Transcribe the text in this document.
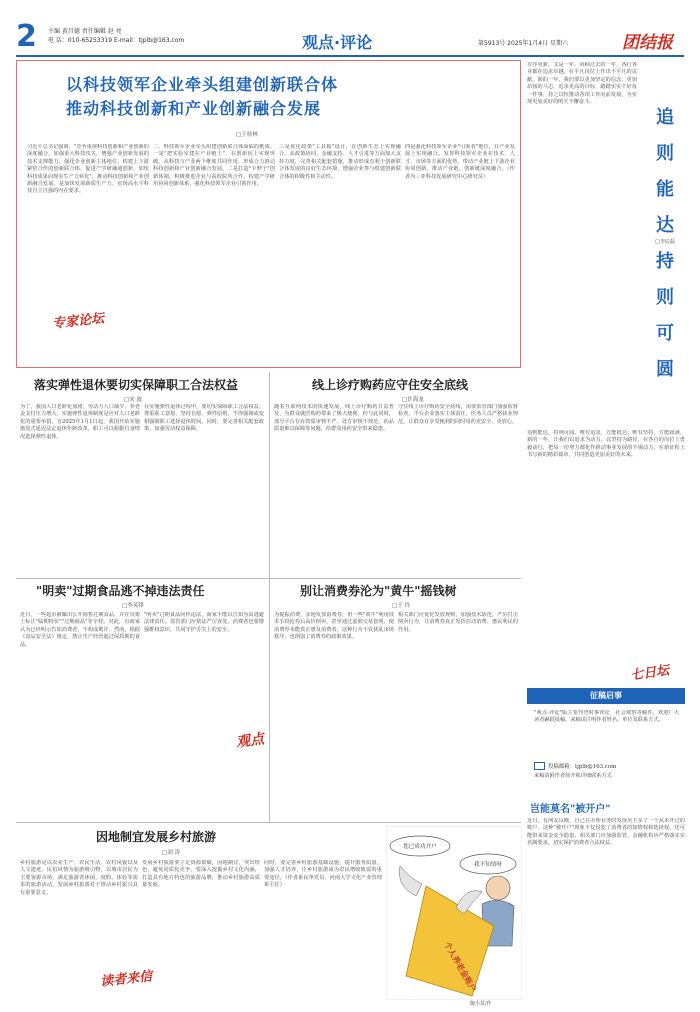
2 主编 黄昌德 责任编辑 赵 亮
电 话：010-65253319 E-mail：tjplb@163.com	观点·评论	第5913号 2025年1月4日 星期六	团结报
以科技领军企业牵头组建创新联合体
推动科技创新和产业创新融合发展
□王桂林
习近平总书记强调，"竞争重视科技创新和产业创新的深度融合，加强重大科技攻关，增强产业创新发展的技术支撑能力。强化企业创新主体地位，构建上下游紧密合作的创新联合体，促进产学研融通创新，加快科技成果向现实生产力转化"。推动科技创新和产业创新融合发展，是加快发展新质生产力，实现高水平科技自立自强的内在要求。
二、科技领军企业牵头组建创新联合体面临的挑战。一是"把实验室建在产业链上"，在创新向上实现突破，从科技与产业两个维度共同作用，形成合力推动科技创新和产业创新融合发展。二是打造"卡脖子"创新体制，积极推进企业与高校院所合作，构建产学研用协同创新体系，强化科技领军企业引领作用。
三是优化政策"工具箱"设计，在创新生态上实现融合。从政策协同、金融支持、人才引进等方面加大支持力度，完善相关配套措施，推动形成有利于创新联合体发展的良好生态环境，增强企业参与组建创新联合体的积极性和主动性。
四是强化科技领军企业"引领者"地位，在产业发展上实现融合。发挥科技领军企业在技术、人才、市场等方面的优势，带动产业链上下游企业协同创新，推动产业链、创新链深度融合。（作者为三亚科技发展研究中心研究员）
专家论坛
岁序更新，又是一年。回顾过去的一年，各行各业都在追求卓越，在平凡岗位上作出不平凡的贡献。新的一年，我们要以更加坚定的信念、更加昂扬的斗志，追求更高的目标，踏踏实实干好每一件事，持之以恒推动各项工作向前发展，为实现更加美好的明天不懈奋斗。
追则能达持则可圆
□李辰磊
追则能达，持则可圆。唯有追求，方能抵达；唯有坚持，方能圆满。新的一年，让我们以追求为动力，以坚持为路径，在各自的岗位上勇毅前行，把每一份努力都化作推动事业发展的不竭动力，在新征程上书写新的精彩篇章，共同创造更加美好的未来。
七日坛
征稿启事
"观点·评论"版主要刊登时事评论、社会观察等稿件，欢迎广大读者踊跃投稿。来稿请注明作者姓名、单位及联系方式。
投稿邮箱：tjplb@163.com
来稿请附作者简介和详细联系方式
岂能莫名"被开户"
近日，有网友反映，自己在办理业务时发现名下多了一个从未开过的账户。这种"被开户"现象不仅侵犯了消费者的知情权和选择权，还可能带来资金安全隐患。相关部门应加强监管，金融机构应严格落实实名制要求，切实保护消费者合法权益。
落实弹性退休要切实保障职工合法权益
□宋 波
为了，我国人口老龄化加剧，劳动力人口减少，养老金支付压力增大。实施弹性退休制度是应对人口老龄化的重要举措。自2025年1月1日起，我国开始实施渐进式延迟法定退休年龄改革，职工可以根据自身情况选择弹性退休。
在实施弹性退休过程中，要切实保障职工合法权益，尊重职工意愿，坚持自愿、弹性原则，不得强制或变相强制职工选择退休时间。同时，要完善相关配套政策，加强劳动权益保障。
线上诊疗购药应守住安全底线
□许海龙
随着互联网技术的快速发展，线上诊疗购药日益普及，为群众就医购药带来了极大便利。但与此同时，部分平台存在资质审核不严、处方审核不规范、药品质量难以保障等问题，给群众用药安全带来隐患。
守住线上诊疗购药安全底线，需要监管部门加强监督检查，平台企业落实主体责任，医务人员严格执业规范，让群众在享受便利的同时用药更安全、更放心。
"明卖"过期食品逃不掉违法责任
□李英锋
近日，一些超市被曝出公开销售过期食品，并在货架上标注"临期特价""过期商品"等字样。对此，有商家认为已经明示告知消费者，不构成欺诈。然而，根据《食品安全法》规定，禁止生产经营超过保质期的食品。
"明卖"过期食品同样违法，商家不能以告知为由逃避法律责任。监管部门应依法严厉查处，消费者也要增强维权意识，共同守护舌尖上的安全。
别让消费券沦为"黄牛"摇钱树
□王 玲
为提振消费，多地发放消费券，但一些"黄牛"利用技术手段抢券后高价倒卖，甚至通过虚假交易套现，使消费券未能真正惠及消费者。这种行为不仅扰乱市场秩序，也削弱了消费券的政策效果。
相关部门应优化发放规则，加强技术防范，严厉打击倒卖行为，让消费券真正发挥拉动消费、惠民利民的作用。
观点
因地制宜发展乡村旅游
□刘 涛
乡村旅游是以农业生产、农民生活、农村风貌以及人文遗迹、民俗风情为旅游吸引物，以城市居民为主要客源市场，满足旅游者休闲、度假、体验等需求的旅游活动。发展乡村旅游对于推动乡村振兴具有重要意义。
发展乡村旅游要立足资源禀赋，因地制宜，突出特色，避免同质化竞争。要深入挖掘乡村文化内涵，打造具有地方特色的旅游品牌，推动乡村旅游高质量发展。
同时，要完善乡村旅游基础设施，提升服务质量，加强人才培养，让乡村旅游成为农民增收致富的重要途径。（作者系民革党员、河南大学文化产业管理系主任）
读者来信
您已成功开户
我不知情呀
个人养老金账户
陶小莫/作
